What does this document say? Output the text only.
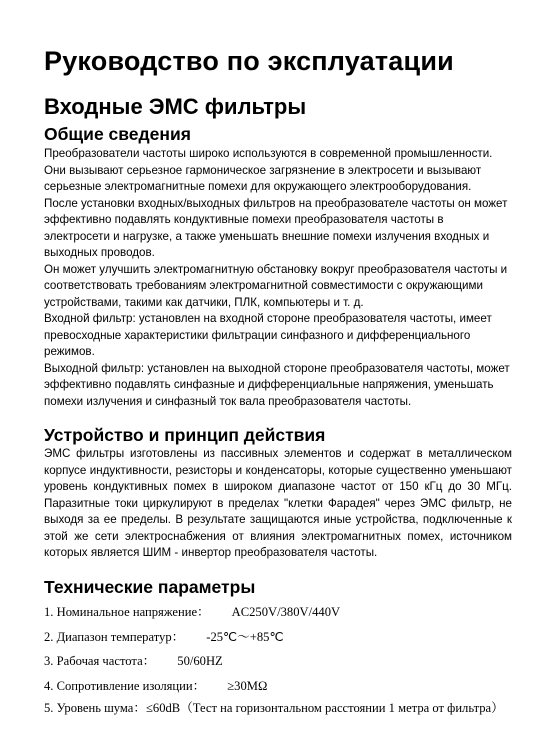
Руководство по эксплуатации
Входные ЭМС фильтры
Общие сведения

Преобразователи частоты широко используются в современной промышленности. Они вызывают серьезное гармоническое загрязнение в электросети и вызывают серьезные электромагнитные помехи для окружающего электрооборудования.

После установки входных/выходных фильтров на преобразователе частоты он может эффективно подавлять кондуктивные помехи преобразователя частоты в электросети и нагрузке, а также уменьшать внешние помехи излучения входных и выходных проводов.

Он может улучшить электромагнитную обстановку вокруг преобразователя частоты и соответствовать требованиям электромагнитной совместимости с окружающими устройствами, такими как датчики, ПЛК, компьютеры и т. д.

Входной фильтр: установлен на входной стороне преобразователя частоты, имеет превосходные характеристики фильтрации синфазного и дифференциального режимов.

Выходной фильтр: установлен на выходной стороне преобразователя частоты, может эффективно подавлять синфазные и дифференциальные напряжения, уменьшать помехи излучения и синфазный ток вала преобразователя частоты.

Устройство и принцип действия

ЭМС фильтры изготовлены из пассивных элементов и содержат в металлическом корпусе индуктивности, резисторы и конденсаторы, которые существенно уменьшают уровень кондуктивных помех в широком диапазоне частот от 150 кГц до 30 МГц. Паразитные токи циркулируют в пределах "клетки Фарадея" через ЭМС фильтр, не выходя за ее пределы. В результате защищаются иные устройства, подключенные к этой же сети электроснабжения от влияния электромагнитных помех, источником которых является ШИМ - инвертор преобразователя частоты.

Технические параметры

1. Номинальное напряжение： AC250V/380V/440V

2. Диапазон температур： -25℃～+85℃

3. Рабочая частота： 50/60HZ

4. Сопротивление изоляции： ≥30MΩ

5. Уровень шума：≤60dB（Тест на горизонтальном расстоянии 1 метра от фильтра）
